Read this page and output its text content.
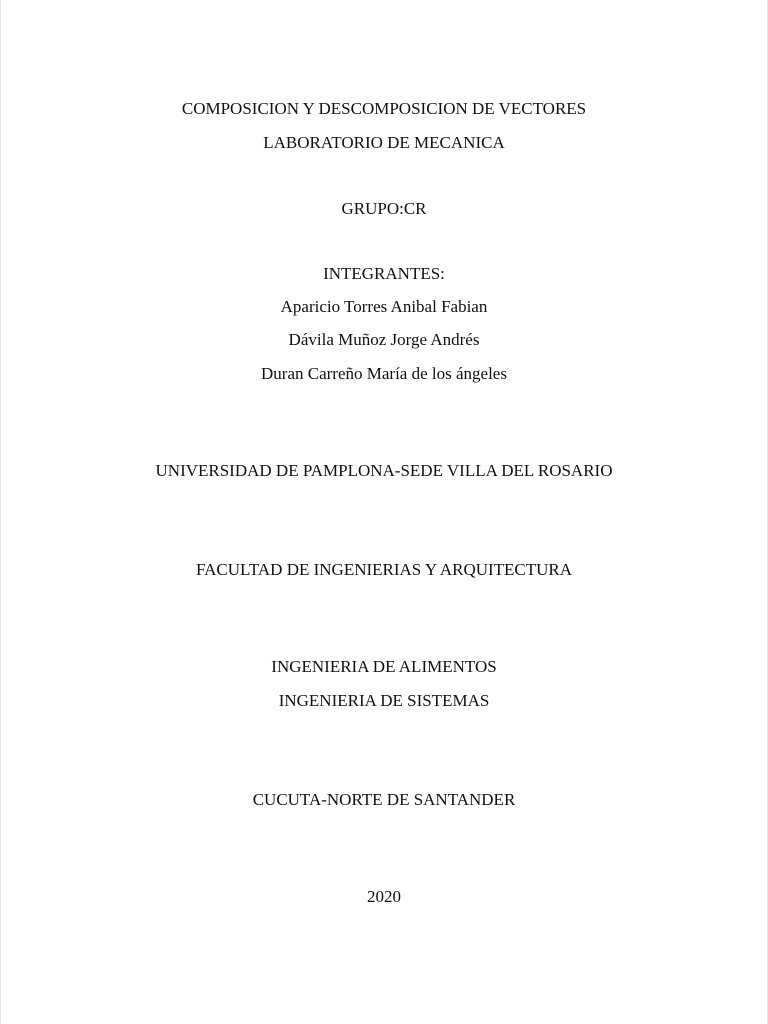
COMPOSICION Y DESCOMPOSICION DE VECTORES
LABORATORIO DE MECANICA
GRUPO:CR
INTEGRANTES:
Aparicio Torres Anibal Fabian
Dávila Muñoz Jorge Andrés
Duran Carreño María de los ángeles
UNIVERSIDAD DE PAMPLONA-SEDE VILLA DEL ROSARIO
FACULTAD DE INGENIERIAS Y ARQUITECTURA
INGENIERIA DE ALIMENTOS
INGENIERIA DE SISTEMAS
CUCUTA-NORTE DE SANTANDER
2020
